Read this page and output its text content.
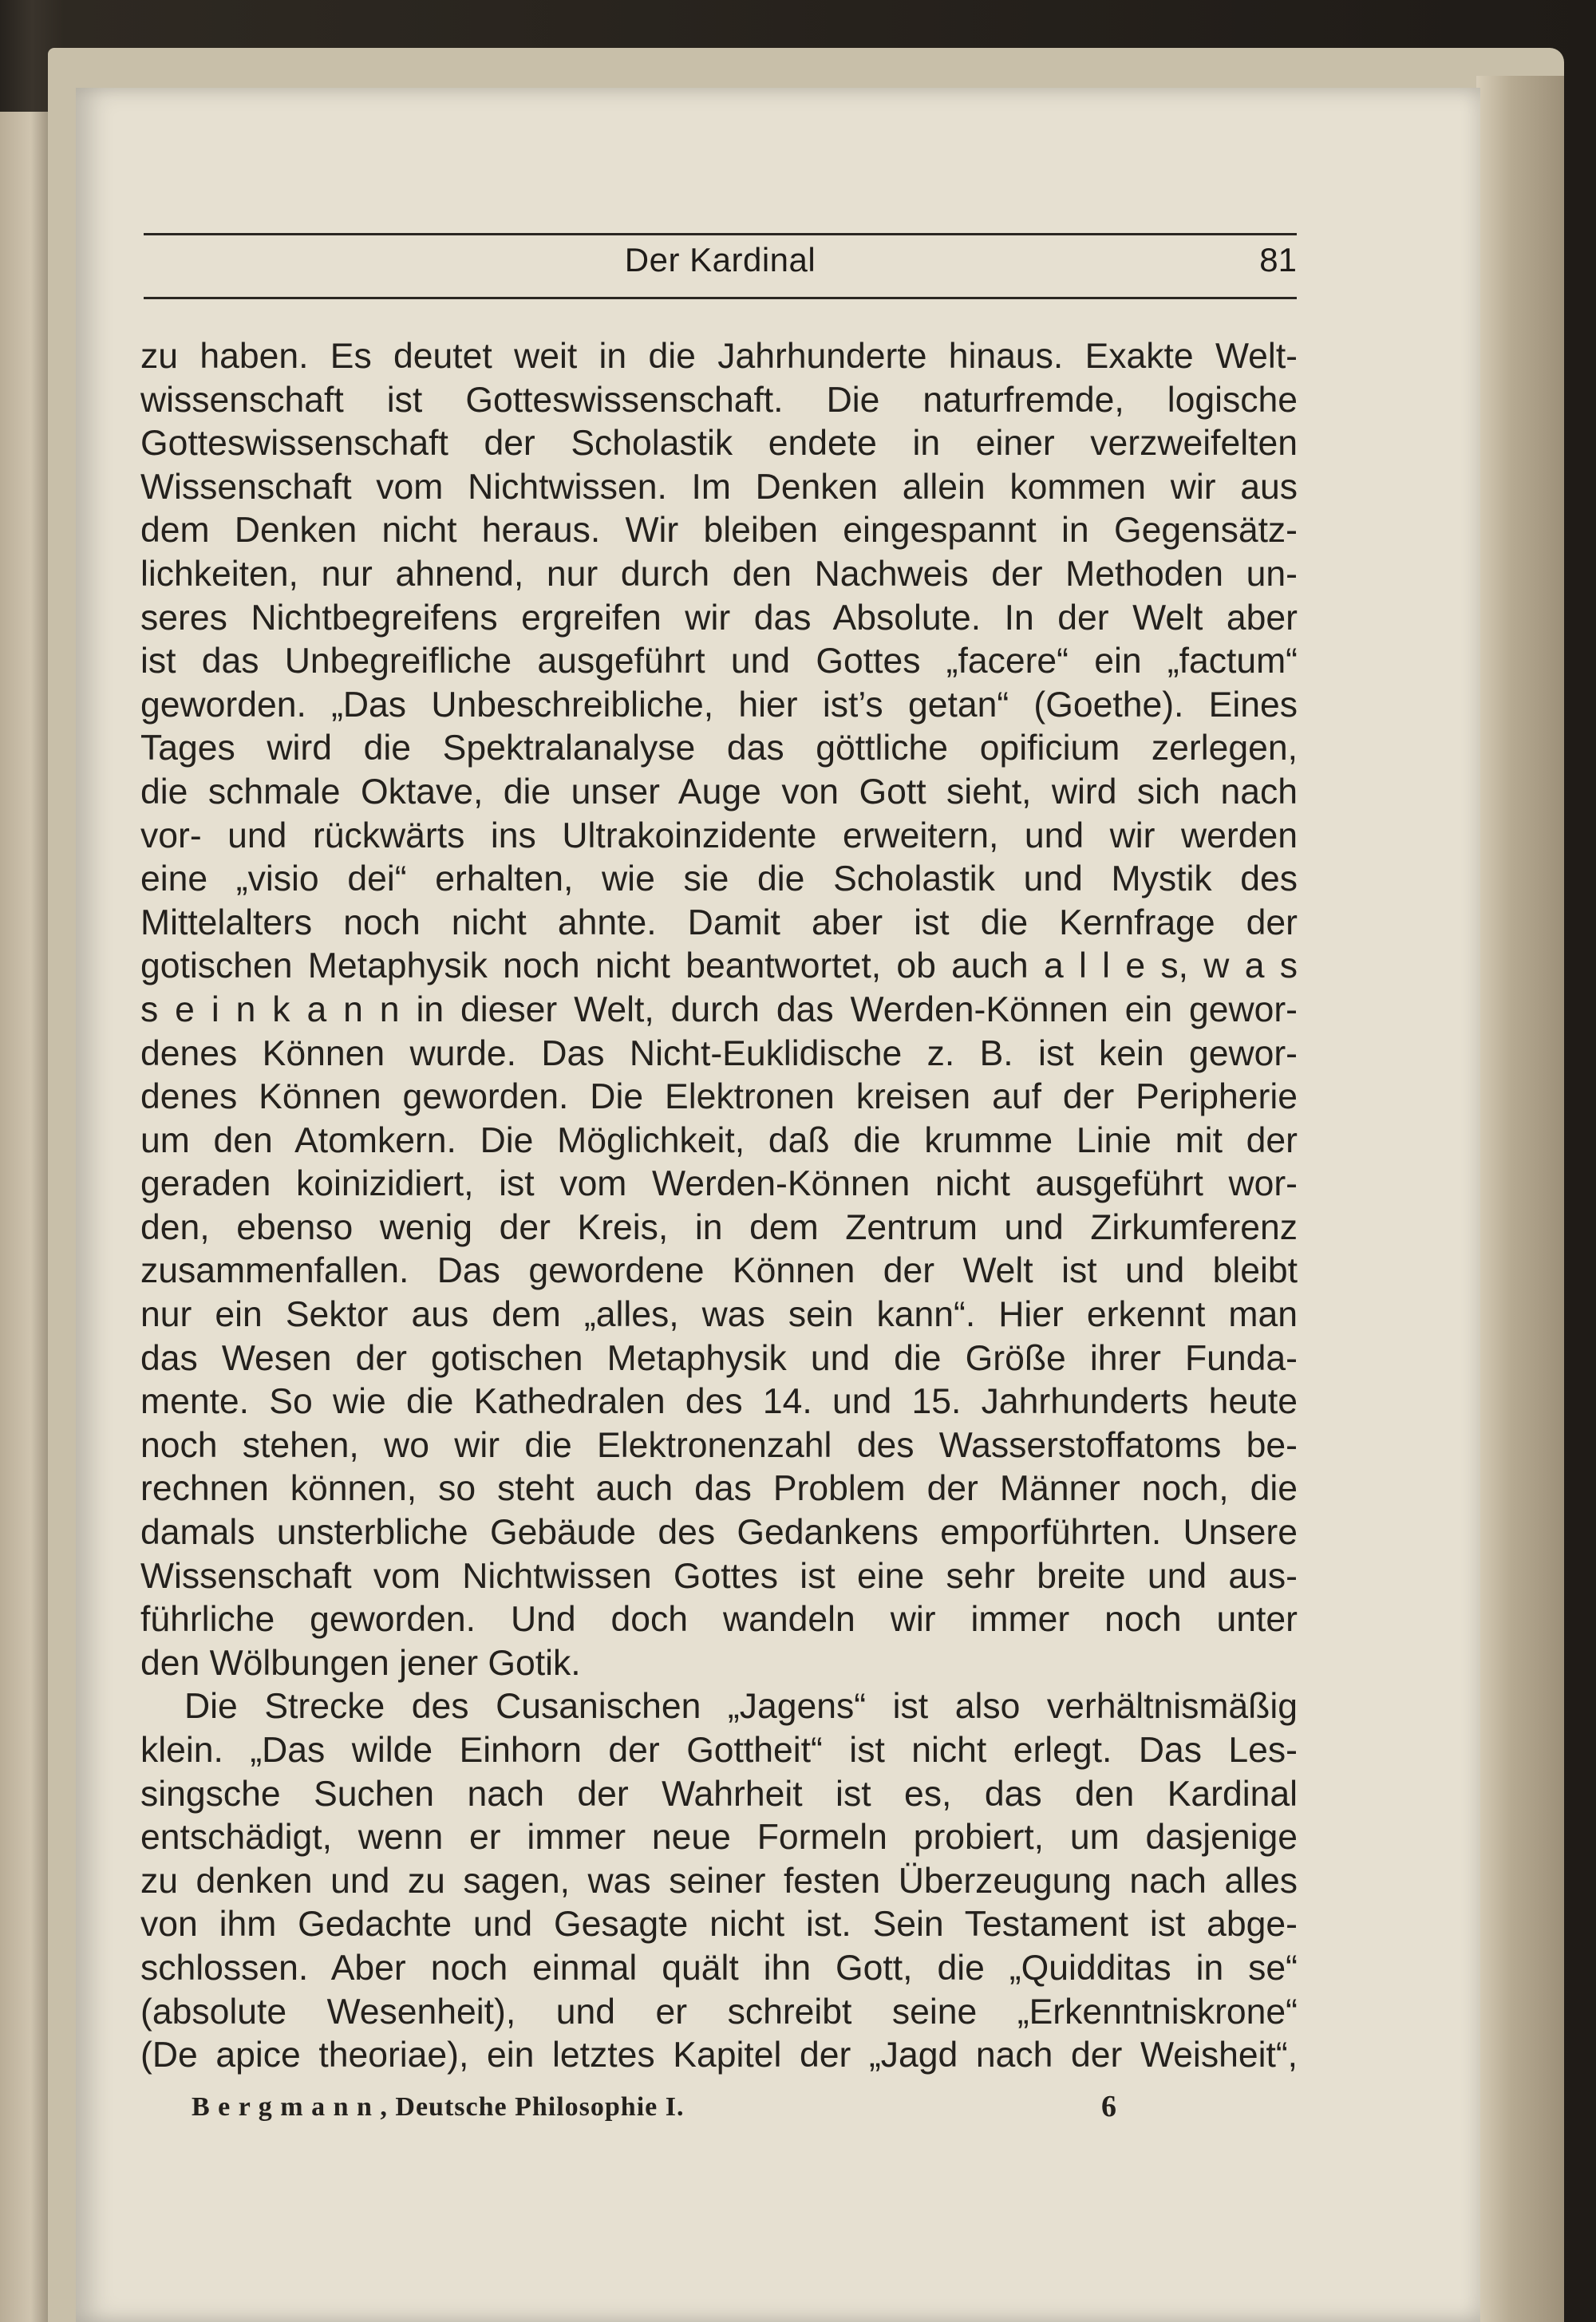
Der Kardinal	81
zu haben. Es deutet weit in die Jahrhunderte hinaus. Exakte Welt-
wissenschaft ist Gotteswissenschaft. Die naturfremde, logische
Gotteswissenschaft der Scholastik endete in einer verzweifelten
Wissenschaft vom Nichtwissen. Im Denken allein kommen wir aus
dem Denken nicht heraus. Wir bleiben eingespannt in Gegensätz-
lichkeiten, nur ahnend, nur durch den Nachweis der Methoden un-
seres Nichtbegreifens ergreifen wir das Absolute. In der Welt aber
ist das Unbegreifliche ausgeführt und Gottes „facere“ ein „factum“
geworden. „Das Unbeschreibliche, hier ist’s getan“ (Goethe). Eines
Tages wird die Spektralanalyse das göttliche opificium zerlegen,
die schmale Oktave, die unser Auge von Gott sieht, wird sich nach
vor- und rückwärts ins Ultrakoinzidente erweitern, und wir werden
eine „visio dei“ erhalten, wie sie die Scholastik und Mystik des
Mittelalters noch nicht ahnte. Damit aber ist die Kernfrage der
gotischen Metaphysik noch nicht beantwortet, ob auch a l l e s, w a s
s e i n k a n n in dieser Welt, durch das Werden-Können ein gewor-
denes Können wurde. Das Nicht-Euklidische z. B. ist kein gewor-
denes Können geworden. Die Elektronen kreisen auf der Peripherie
um den Atomkern. Die Möglichkeit, daß die krumme Linie mit der
geraden koinizidiert, ist vom Werden-Können nicht ausgeführt wor-
den, ebenso wenig der Kreis, in dem Zentrum und Zirkumferenz
zusammenfallen. Das gewordene Können der Welt ist und bleibt
nur ein Sektor aus dem „alles, was sein kann“. Hier erkennt man
das Wesen der gotischen Metaphysik und die Größe ihrer Funda-
mente. So wie die Kathedralen des 14. und 15. Jahrhunderts heute
noch stehen, wo wir die Elektronenzahl des Wasserstoffatoms be-
rechnen können, so steht auch das Problem der Männer noch, die
damals unsterbliche Gebäude des Gedankens emporführten. Unsere
Wissenschaft vom Nichtwissen Gottes ist eine sehr breite und aus-
führliche geworden. Und doch wandeln wir immer noch unter
den Wölbungen jener Gotik.
Die Strecke des Cusanischen „Jagens“ ist also verhältnismäßig
klein. „Das wilde Einhorn der Gottheit“ ist nicht erlegt. Das Les-
singsche Suchen nach der Wahrheit ist es, das den Kardinal
entschädigt, wenn er immer neue Formeln probiert, um dasjenige
zu denken und zu sagen, was seiner festen Überzeugung nach alles
von ihm Gedachte und Gesagte nicht ist. Sein Testament ist abge-
schlossen. Aber noch einmal quält ihn Gott, die „Quidditas in se“
(absolute Wesenheit), und er schreibt seine „Erkenntniskrone“
(De apice theoriae), ein letztes Kapitel der „Jagd nach der Weisheit“,
B e r g m a n n , Deutsche Philosophie I.	6
